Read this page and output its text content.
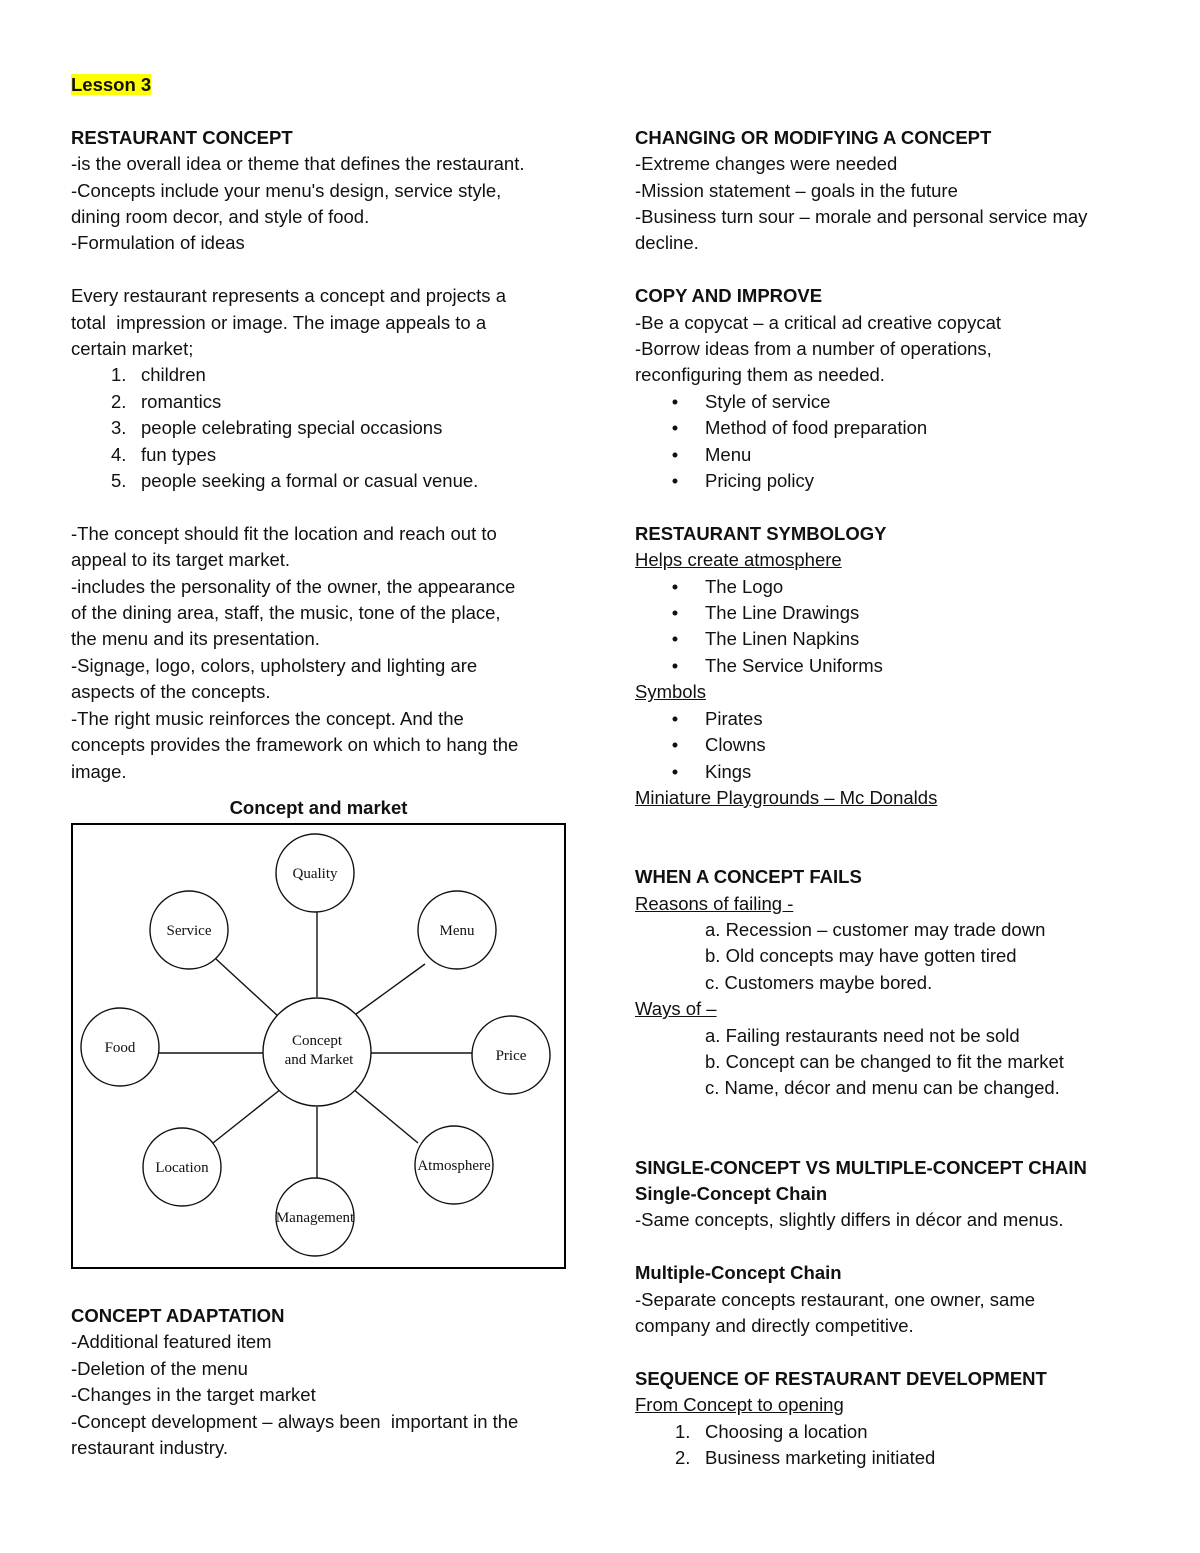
Lesson 3
RESTAURANT CONCEPT
-is the overall idea or theme that defines the restaurant.
-Concepts include your menu's design, service style,
dining room decor, and style of food.
-Formulation of ideas
Every restaurant represents a concept and projects a
total  impression or image. The image appeals to a
certain market;
1. children
2. romantics
3. people celebrating special occasions
4. fun types
5. people seeking a formal or casual venue.
-The concept should fit the location and reach out to
appeal to its target market.
-includes the personality of the owner, the appearance
of the dining area, staff, the music, tone of the place,
the menu and its presentation.
-Signage, logo, colors, upholstery and lighting are
aspects of the concepts.
-The right music reinforces the concept. And the
concepts provides the framework on which to hang the
image.
Concept and market
Concept
and Market
Quality
Menu
Price
Atmosphere
Management
Location
Food
Service
CONCEPT ADAPTATION
-Additional featured item
-Deletion of the menu
-Changes in the target market
-Concept development – always been  important in the
restaurant industry.
CHANGING OR MODIFYING A CONCEPT
-Extreme changes were needed
-Mission statement – goals in the future
-Business turn sour – morale and personal service may
decline.
COPY AND IMPROVE
-Be a copycat – a critical ad creative copycat
-Borrow ideas from a number of operations,
reconfiguring them as needed.
•	Style of service
•	Method of food preparation
•	Menu
•	Pricing policy
RESTAURANT SYMBOLOGY
Helps create atmosphere
•	The Logo
•	The Line Drawings
•	The Linen Napkins
•	The Service Uniforms
Symbols
•	Pirates
•	Clowns
•	Kings
Miniature Playgrounds – Mc Donalds
WHEN A CONCEPT FAILS
Reasons of failing -
a. Recession – customer may trade down
b. Old concepts may have gotten tired
c. Customers maybe bored.
Ways of –
a. Failing restaurants need not be sold
b. Concept can be changed to fit the market
c. Name, décor and menu can be changed.
SINGLE-CONCEPT VS MULTIPLE-CONCEPT CHAIN
Single-Concept Chain
-Same concepts, slightly differs in décor and menus.
Multiple-Concept Chain
-Separate concepts restaurant, one owner, same
company and directly competitive.
SEQUENCE OF RESTAURANT DEVELOPMENT
From Concept to opening
1. Choosing a location
2. Business marketing initiated
